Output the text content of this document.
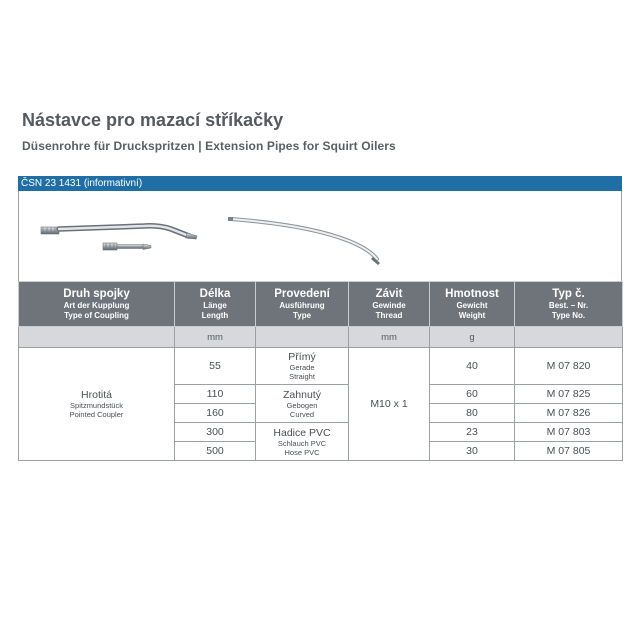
Nástavce pro mazací stříkačky
Düsenrohre für Druckspritzen | Extension Pipes for Squirt Oilers
ČSN 23 1431 (informativní)
Druh spojky
Art der Kupplung
Type of Coupling	Délka
Länge
Length	Provedení
Ausführung
Type	Závit
Gewinde
Thread	Hmotnost
Gewicht
Weight	Typ č.
Best. – Nr.
Type No.

	mm		mm	g	

Hrotitá
Spitzmundstück
Pointed Coupler	55	Přímý
Gerade
Straight	M10 x 1	40	M 07 820
	110	Zahnutý
Gebogen
Curved		60	M 07 825
	160			80	M 07 826
	300	Hadice PVC
Schlauch PVC
Hose PVC		23	M 07 803
	500			30	M 07 805
